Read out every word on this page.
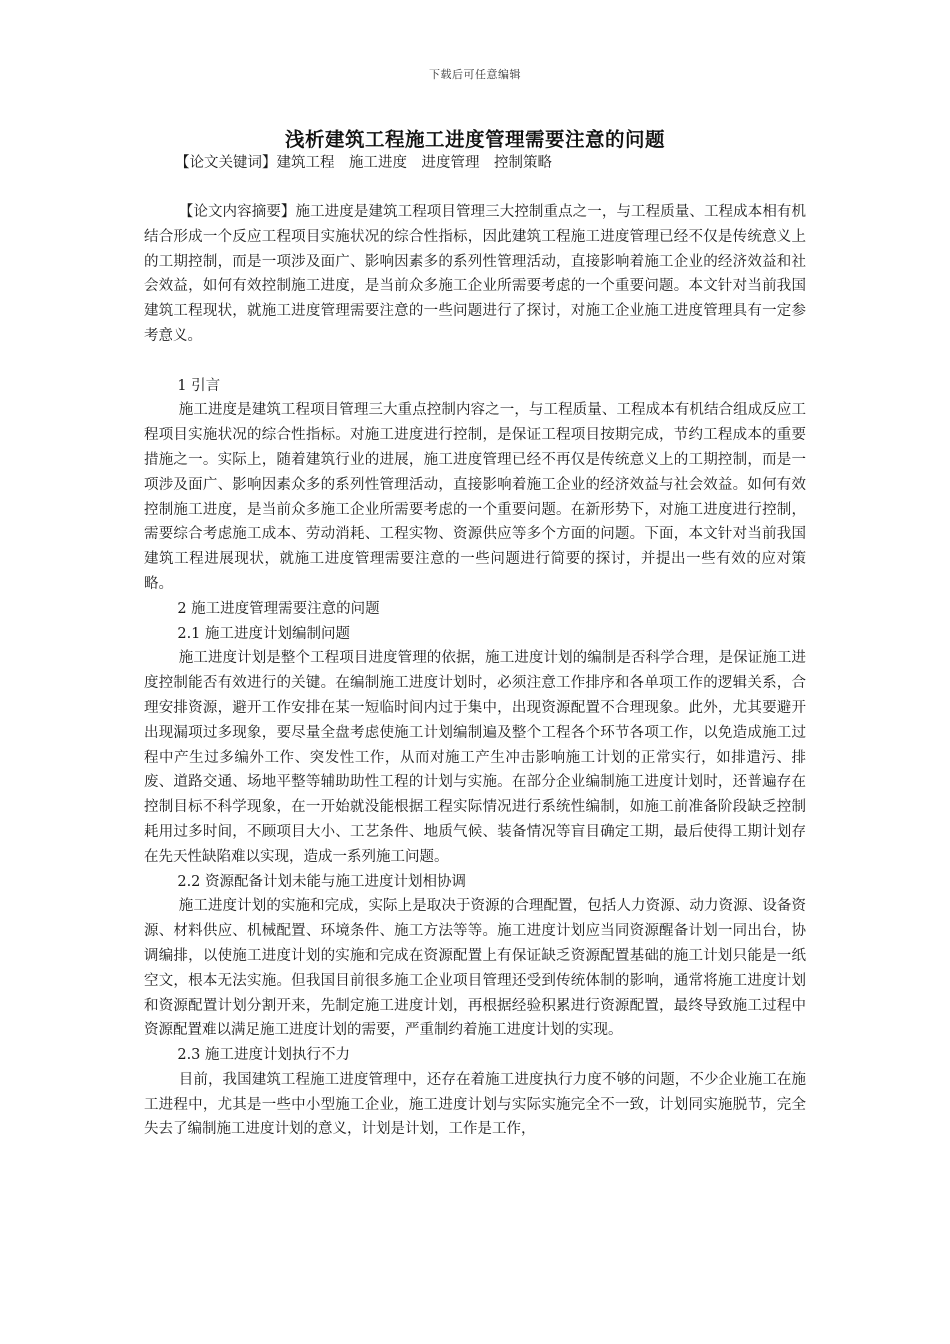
下载后可任意编辑
浅析建筑工程施工进度管理需要注意的问题
【论文关键词】建筑工程　施工进度　进度管理　控制策略

【论文内容摘要】施工进度是建筑工程项目管理三大控制重点之一，与工程质量、工程成本相有机结合形成一个反应工程项目实施状况的综合性指标，因此建筑工程施工进度管理已经不仅是传统意义上的工期控制，而是一项涉及面广、影响因素多的系列性管理活动，直接影响着施工企业的经济效益和社会效益，如何有效控制施工进度，是当前众多施工企业所需要考虑的一个重要问题。本文针对当前我国建筑工程现状，就施工进度管理需要注意的一些问题进行了探讨，对施工企业施工进度管理具有一定参考意义。

1 引言

施工进度是建筑工程项目管理三大重点控制内容之一，与工程质量、工程成本有机结合组成反应工程项目实施状况的综合性指标。对施工进度进行控制，是保证工程项目按期完成，节约工程成本的重要措施之一。实际上，随着建筑行业的进展，施工进度管理已经不再仅是传统意义上的工期控制，而是一项涉及面广、影响因素众多的系列性管理活动，直接影响着施工企业的经济效益与社会效益。如何有效控制施工进度，是当前众多施工企业所需要考虑的一个重要问题。在新形势下，对施工进度进行控制，需要综合考虑施工成本、劳动消耗、工程实物、资源供应等多个方面的问题。下面，本文针对当前我国建筑工程进展现状，就施工进度管理需要注意的一些问题进行简要的探讨，并提出一些有效的应对策略。

2 施工进度管理需要注意的问题

2.1 施工进度计划编制问题

施工进度计划是整个工程项目进度管理的依据，施工进度计划的编制是否科学合理，是保证施工进度控制能否有效进行的关键。在编制施工进度计划时，必须注意工作排序和各单项工作的逻辑关系，合理安排资源，避开工作安排在某一短临时间内过于集中，出现资源配置不合理现象。此外，尤其要避开出现漏项过多现象，要尽量全盘考虑使施工计划编制遍及整个工程各个环节各项工作，以免造成施工过程中产生过多编外工作、突发性工作，从而对施工产生冲击影响施工计划的正常实行，如排遣污、排废、道路交通、场地平整等辅助助性工程的计划与实施。在部分企业编制施工进度计划时，还普遍存在控制目标不科学现象，在一开始就没能根据工程实际情况进行系统性编制，如施工前准备阶段缺乏控制耗用过多时间，不顾项目大小、工艺条件、地质气候、装备情况等盲目确定工期，最后使得工期计划存在先天性缺陷难以实现，造成一系列施工问题。

2.2 资源配备计划未能与施工进度计划相协调

施工进度计划的实施和完成，实际上是取决于资源的合理配置，包括人力资源、动力资源、设备资源、材料供应、机械配置、环境条件、施工方法等等。施工进度计划应当同资源醒备计划一同出台，协调编排，以使施工进度计划的实施和完成在资源配置上有保证缺乏资源配置基础的施工计划只能是一纸空文，根本无法实施。但我国目前很多施工企业项目管理还受到传统体制的影响，通常将施工进度计划和资源配置计划分割开来，先制定施工进度计划，再根据经验积累进行资源配置，最终导致施工过程中资源配置难以满足施工进度计划的需要，严重制约着施工进度计划的实现。

2.3 施工进度计划执行不力

目前，我国建筑工程施工进度管理中，还存在着施工进度执行力度不够的问题，不少企业施工在施工进程中，尤其是一些中小型施工企业，施工进度计划与实际实施完全不一致，计划同实施脱节，完全失去了编制施工进度计划的意义，计划是计划，工作是工作，
